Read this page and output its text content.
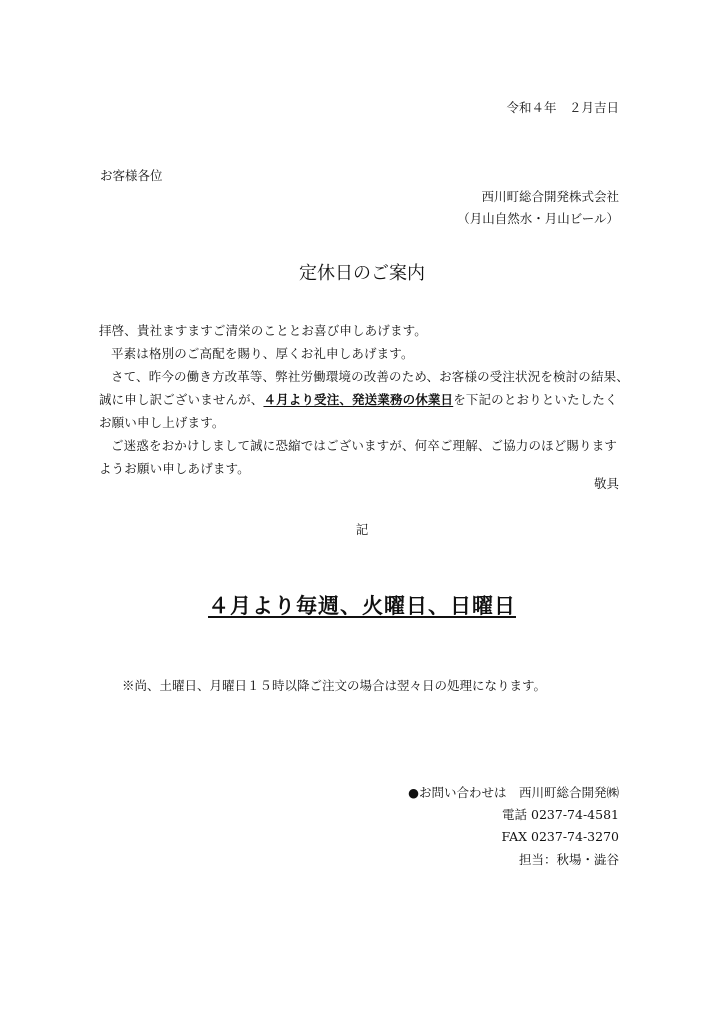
令和４年　２月吉日
お客様各位
西川町総合開発株式会社
（月山自然水・月山ビール）
定休日のご案内

拝啓、貴社ますますご清栄のこととお喜び申しあげます。

平素は格別のご高配を賜り、厚くお礼申しあげます。

さて、昨今の働き方改革等、弊社労働環境の改善のため、お客様の受注状況を検討の結果、

誠に申し訳ございませんが、４月より受注、発送業務の休業日を下記のとおりといたしたく

お願い申し上げます。

ご迷惑をおかけしまして誠に恐縮ではございますが、何卒ご理解、ご協力のほど賜ります

ようお願い申しあげます。

敬具
記
４月より毎週、火曜日、日曜日
※尚、土曜日、月曜日１５時以降ご注文の場合は翌々日の処理になります。
●お問い合わせは　西川町総合開発㈱
電話 0237-74-4581
FAX 0237-74-3270
担当：秋場・澁谷
